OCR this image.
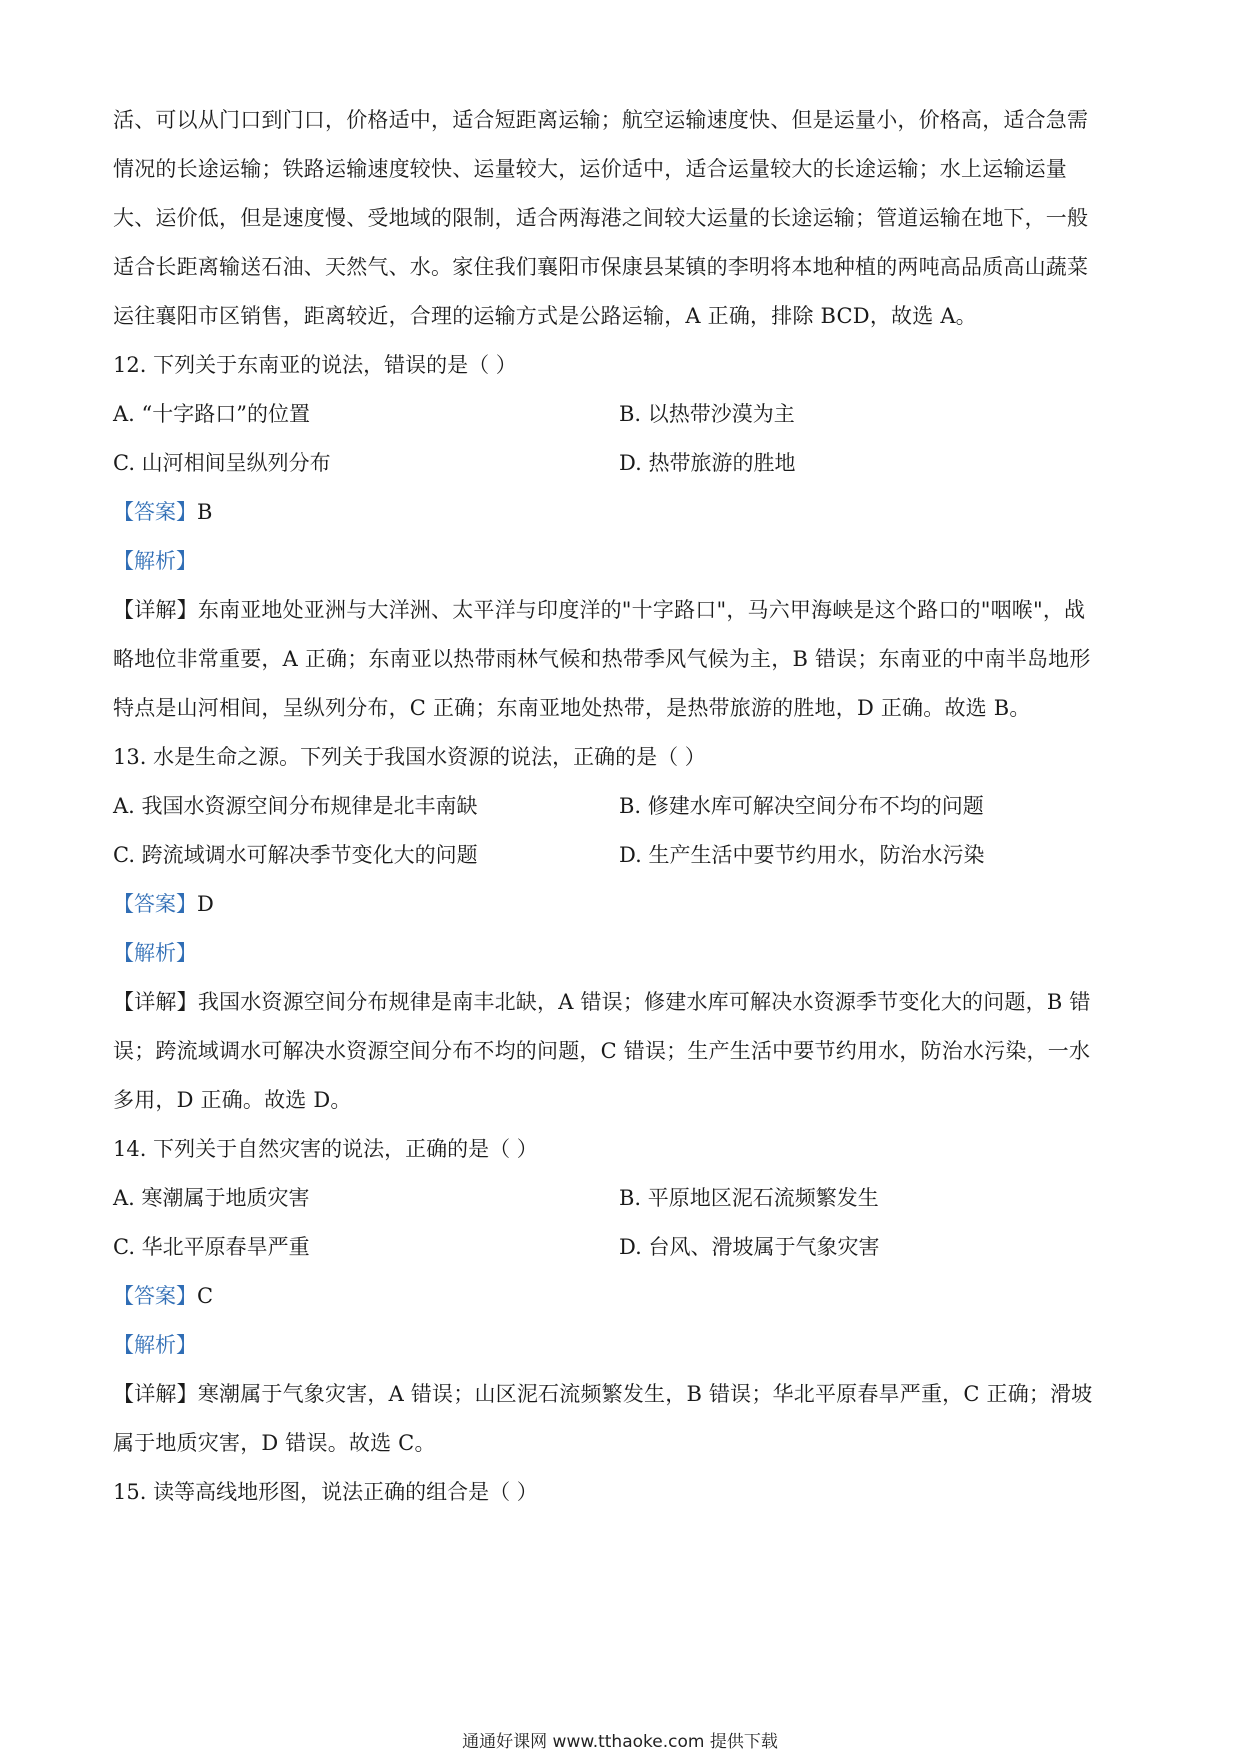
活、可以从门口到门口，价格适中，适合短距离运输；航空运输速度快、但是运量小，价格高，适合急需
情况的长途运输；铁路运输速度较快、运量较大，运价适中，适合运量较大的长途运输；水上运输运量
大、运价低，但是速度慢、受地域的限制，适合两海港之间较大运量的长途运输；管道运输在地下，一般
适合长距离输送石油、天然气、水。家住我们襄阳市保康县某镇的李明将本地种植的两吨高品质高山蔬菜
运往襄阳市区销售，距离较近，合理的运输方式是公路运输，A 正确，排除 BCD，故选 A。
12. 下列关于东南亚的说法，错误的是（ ）
A. “十字路口”的位置	B. 以热带沙漠为主
C. 山河相间呈纵列分布	D. 热带旅游的胜地
【答案】B
【解析】
【详解】东南亚地处亚洲与大洋洲、太平洋与印度洋的"十字路口"，马六甲海峡是这个路口的"咽喉"，战
略地位非常重要，A 正确；东南亚以热带雨林气候和热带季风气候为主，B 错误；东南亚的中南半岛地形
特点是山河相间，呈纵列分布，C 正确；东南亚地处热带，是热带旅游的胜地，D 正确。故选 B。
13. 水是生命之源。下列关于我国水资源的说法，正确的是（ ）
A. 我国水资源空间分布规律是北丰南缺	B. 修建水库可解决空间分布不均的问题
C. 跨流域调水可解决季节变化大的问题	D. 生产生活中要节约用水，防治水污染
【答案】D
【解析】
【详解】我国水资源空间分布规律是南丰北缺，A 错误；修建水库可解决水资源季节变化大的问题，B 错
误；跨流域调水可解决水资源空间分布不均的问题，C 错误；生产生活中要节约用水，防治水污染，一水
多用，D 正确。故选 D。
14. 下列关于自然灾害的说法，正确的是（ ）
A. 寒潮属于地质灾害	B. 平原地区泥石流频繁发生
C. 华北平原春旱严重	D. 台风、滑坡属于气象灾害
【答案】C
【解析】
【详解】寒潮属于气象灾害，A 错误；山区泥石流频繁发生，B 错误；华北平原春旱严重，C 正确；滑坡
属于地质灾害，D 错误。故选 C。
15. 读等高线地形图，说法正确的组合是（ ）
通通好课网 www.tthaoke.com 提供下载
